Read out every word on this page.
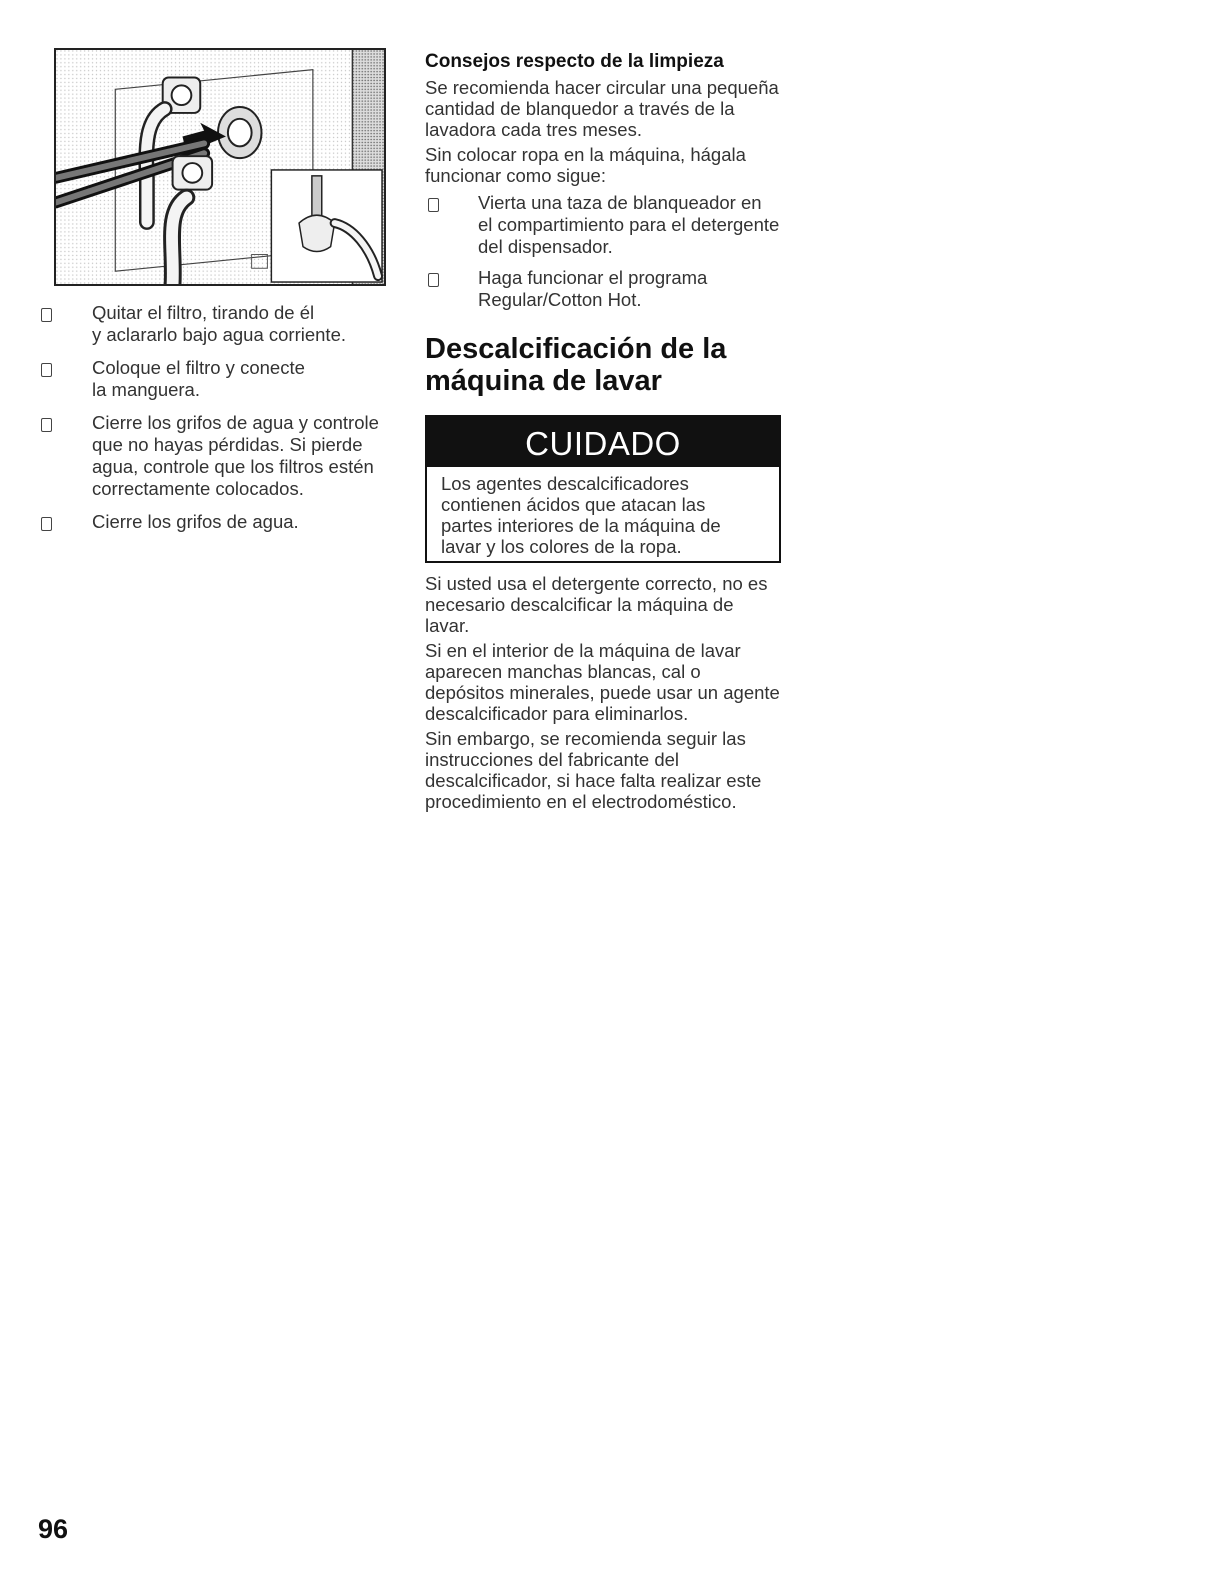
Quitar el filtro, tirando de él
y aclararlo bajo agua corriente.
Coloque el filtro y conecte
la manguera.
Cierre los grifos de agua y controle
que no hayas pérdidas. Si pierde
agua, controle que los filtros estén
correctamente colocados.
Cierre los grifos de agua.
Consejos respecto de la limpieza

Se recomienda hacer circular una pequeña cantidad de blanquedor a través de la lavadora cada tres meses.

Sin colocar ropa en la máquina, hágala funcionar como sigue:

Vierta una taza de blanqueador en el compartimiento para el detergente del dispensador.
Haga funcionar el programa Regular/Cotton Hot.
Descalcificación de la
máquina de lavar
CUIDADO
Los agentes descalcificadores contienen ácidos que atacan las partes interiores de la máquina de lavar y los colores de la ropa.

Si usted usa el detergente correcto, no es necesario descalcificar la máquina de lavar.

Si en el interior de la máquina de lavar aparecen manchas blancas, cal o depósitos minerales, puede usar un agente descalcificador para eliminarlos.

Sin embargo, se recomienda seguir las instrucciones del fabricante del descalcificador, si hace falta realizar este procedimiento en el electrodoméstico.

96
